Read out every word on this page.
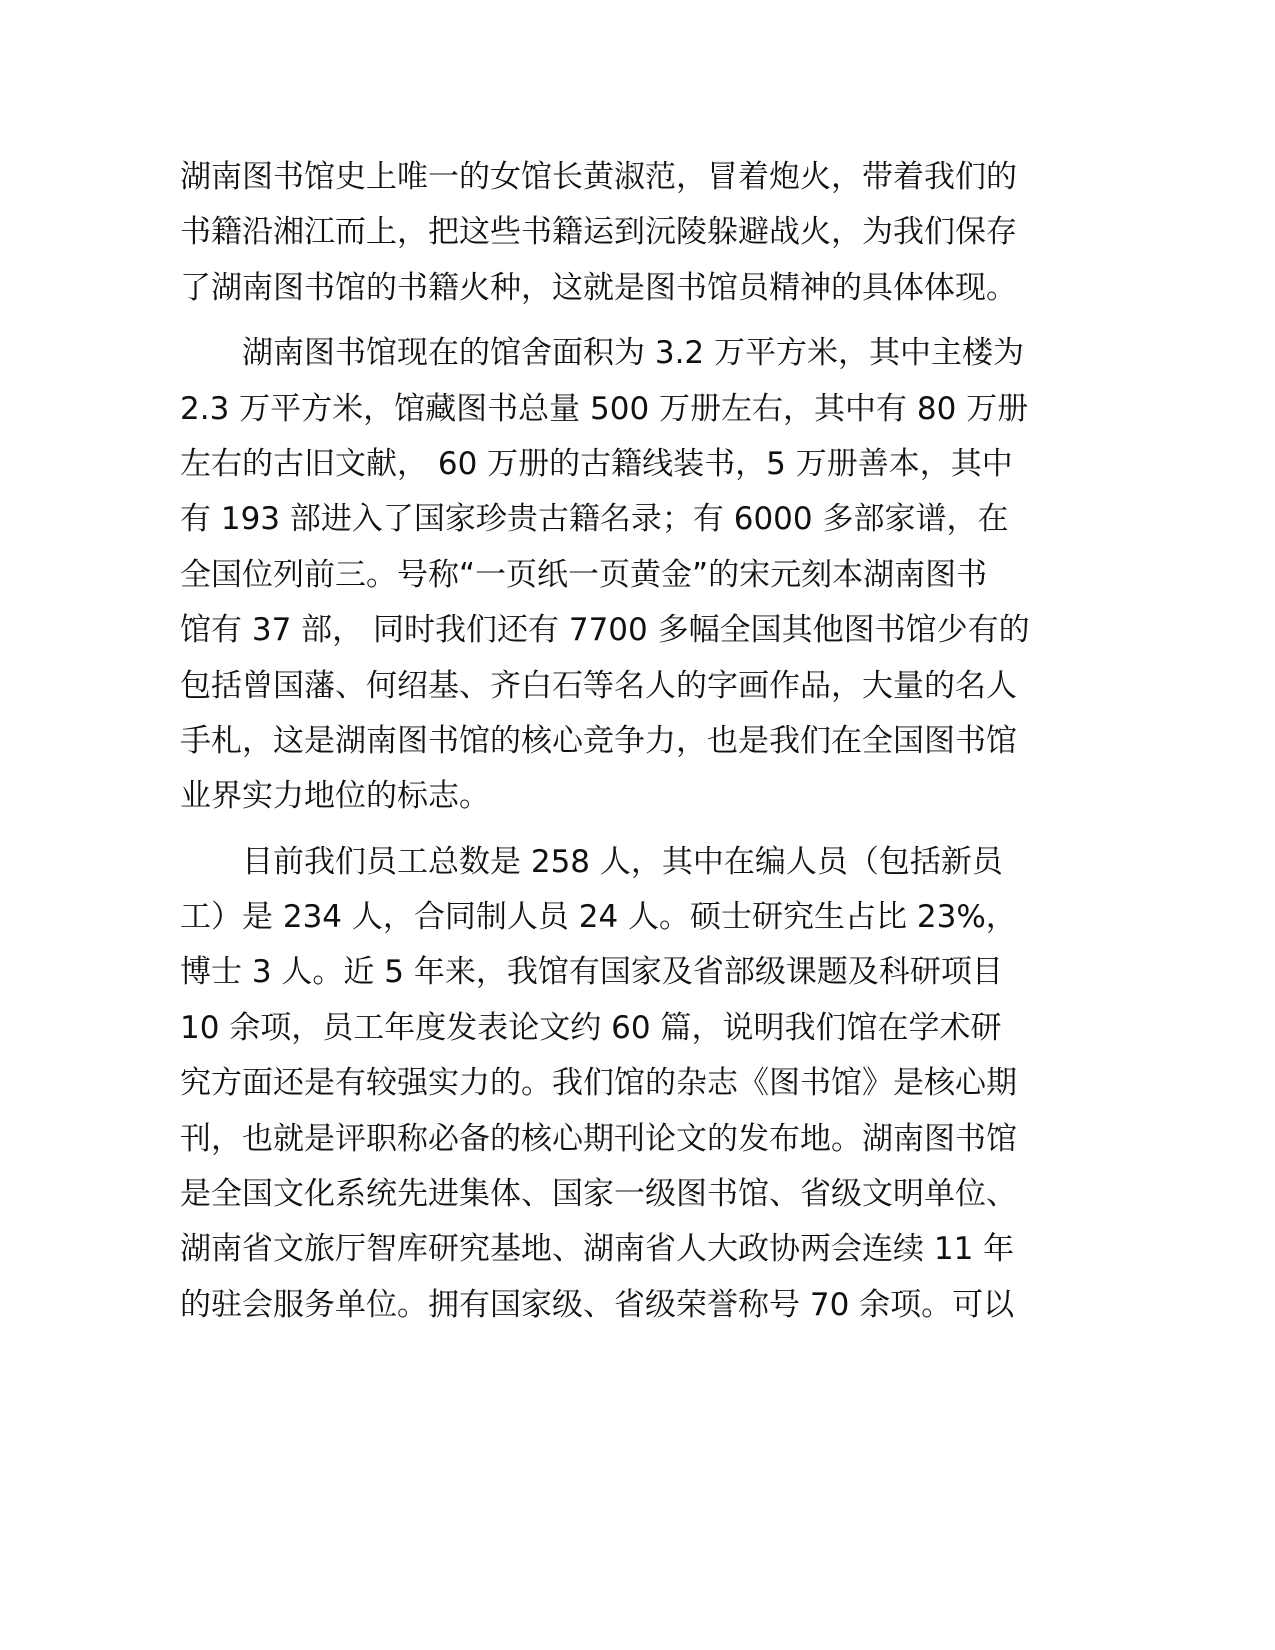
湖南图书馆史上唯一的女馆长黄淑范，冒着炮火，带着我们的
书籍沿湘江而上，把这些书籍运到沅陵躲避战火，为我们保存
了湖南图书馆的书籍火种，这就是图书馆员精神的具体体现。
　　湖南图书馆现在的馆舍面积为 3.2 万平方米，其中主楼为
2.3 万平方米，馆藏图书总量 500 万册左右，其中有 80 万册
左右的古旧文献， 60 万册的古籍线装书，5 万册善本，其中
有 193 部进入了国家珍贵古籍名录；有 6000 多部家谱，在
全国位列前三。号称“一页纸一页黄金”的宋元刻本湖南图书
馆有 37 部， 同时我们还有 7700 多幅全国其他图书馆少有的
包括曾国藩、何绍基、齐白石等名人的字画作品，大量的名人
手札，这是湖南图书馆的核心竞争力，也是我们在全国图书馆
业界实力地位的标志。
　　目前我们员工总数是 258 人，其中在编人员（包括新员
工）是 234 人，合同制人员 24 人。硕士研究生占比 23%，
博士 3 人。近 5 年来，我馆有国家及省部级课题及科研项目
10 余项，员工年度发表论文约 60 篇，说明我们馆在学术研
究方面还是有较强实力的。我们馆的杂志《图书馆》是核心期
刊，也就是评职称必备的核心期刊论文的发布地。湖南图书馆
是全国文化系统先进集体、国家一级图书馆、省级文明单位、
湖南省文旅厅智库研究基地、湖南省人大政协两会连续 11 年
的驻会服务单位。拥有国家级、省级荣誉称号 70 余项。可以
